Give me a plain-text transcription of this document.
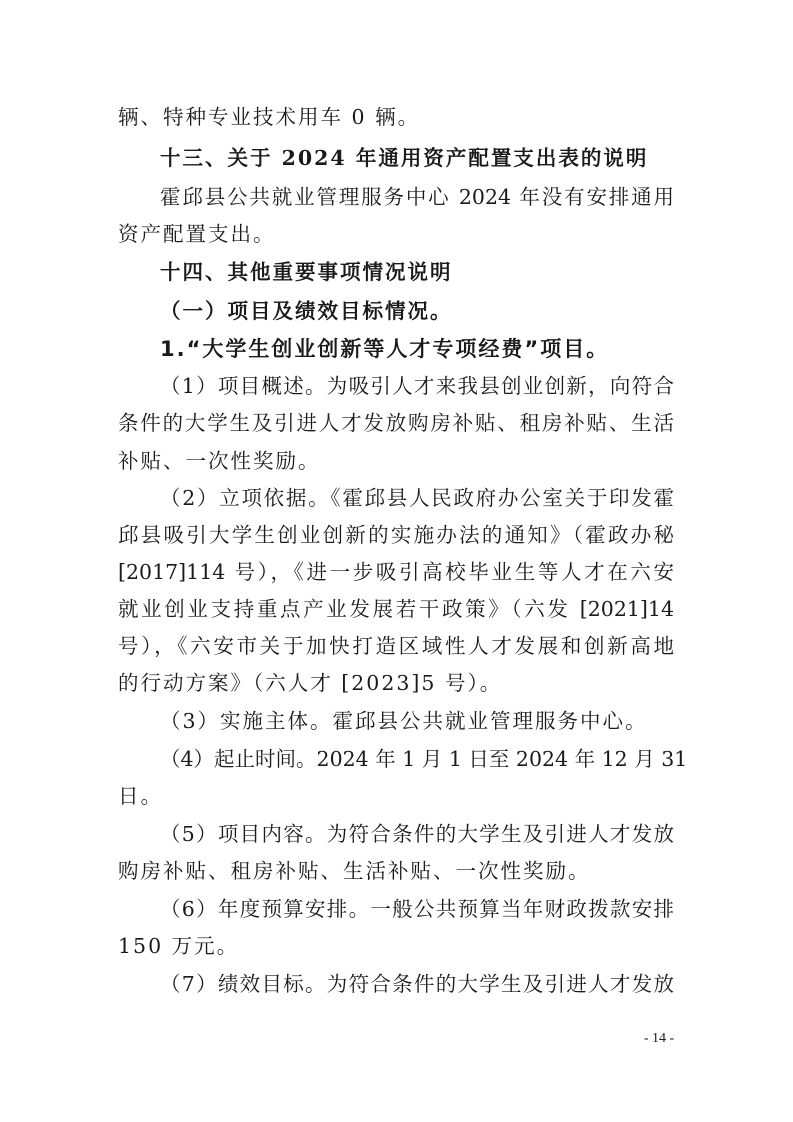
辆、特种专业技术用车 0 辆。
十三、关于 2024 年通用资产配置支出表的说明
霍邱县公共就业管理服务中心 2024 年没有安排通用
资产配置支出。
十四、其他重要事项情况说明
（一）项目及绩效目标情况。
1.“大学生创业创新等人才专项经费”项目。
（1）项目概述。为吸引人才来我县创业创新，向符合
条件的大学生及引进人才发放购房补贴、租房补贴、生活
补贴、一次性奖励。
（2）立项依据。《霍邱县人民政府办公室关于印发霍
邱县吸引大学生创业创新的实施办法的通知》（霍政办秘
[2017]114 号），《进一步吸引高校毕业生等人才在六安
就业创业支持重点产业发展若干政策》（六发 [2021]14
号），《六安市关于加快打造区域性人才发展和创新高地
的行动方案》（六人才 [2023]5 号）。
（3）实施主体。霍邱县公共就业管理服务中心。
（4）起止时间。2024 年 1 月 1 日至 2024 年 12 月 31
日。
（5）项目内容。为符合条件的大学生及引进人才发放
购房补贴、租房补贴、生活补贴、一次性奖励。
（6）年度预算安排。一般公共预算当年财政拨款安排
150 万元。
（7）绩效目标。为符合条件的大学生及引进人才发放
- 14 -
